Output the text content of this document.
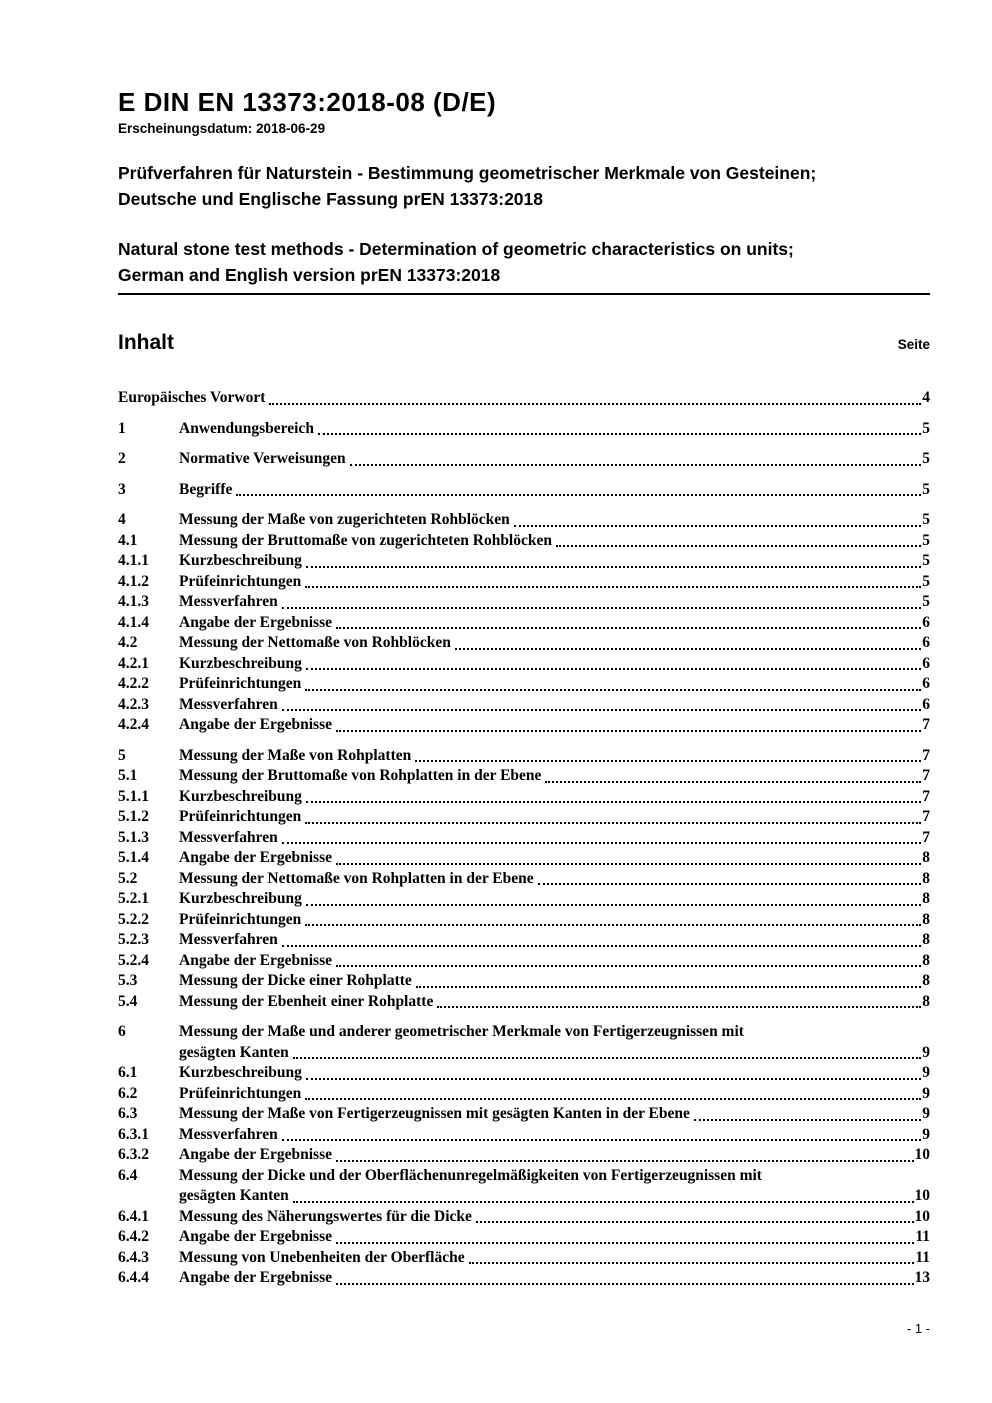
E DIN EN 13373:2018-08 (D/E)
Erscheinungsdatum: 2018-06-29
Prüfverfahren für Naturstein - Bestimmung geometrischer Merkmale von Gesteinen;
Deutsche und Englische Fassung prEN 13373:2018
Natural stone test methods - Determination of geometric characteristics on units;
German and English version prEN 13373:2018
Inhalt	Seite
Europäisches Vorwort	4
1	Anwendungsbereich	5
2	Normative Verweisungen	5
3	Begriffe	5
4	Messung der Maße von zugerichteten Rohblöcken	5
4.1	Messung der Bruttomaße von zugerichteten Rohblöcken	5
4.1.1	Kurzbeschreibung	5
4.1.2	Prüfeinrichtungen	5
4.1.3	Messverfahren	5
4.1.4	Angabe der Ergebnisse	6
4.2	Messung der Nettomaße von Rohblöcken	6
4.2.1	Kurzbeschreibung	6
4.2.2	Prüfeinrichtungen	6
4.2.3	Messverfahren	6
4.2.4	Angabe der Ergebnisse	7
5	Messung der Maße von Rohplatten	7
5.1	Messung der Bruttomaße von Rohplatten in der Ebene	7
5.1.1	Kurzbeschreibung	7
5.1.2	Prüfeinrichtungen	7
5.1.3	Messverfahren	7
5.1.4	Angabe der Ergebnisse	8
5.2	Messung der Nettomaße von Rohplatten in der Ebene	8
5.2.1	Kurzbeschreibung	8
5.2.2	Prüfeinrichtungen	8
5.2.3	Messverfahren	8
5.2.4	Angabe der Ergebnisse	8
5.3	Messung der Dicke einer Rohplatte	8
5.4	Messung der Ebenheit einer Rohplatte	8
6	Messung der Maße und anderer geometrischer Merkmale von Fertigerzeugnissen mit
gesägten Kanten	9
6.1	Kurzbeschreibung	9
6.2	Prüfeinrichtungen	9
6.3	Messung der Maße von Fertigerzeugnissen mit gesägten Kanten in der Ebene	9
6.3.1	Messverfahren	9
6.3.2	Angabe der Ergebnisse	10
6.4	Messung der Dicke und der Oberflächenunregelmäßigkeiten von Fertigerzeugnissen mit
gesägten Kanten	10
6.4.1	Messung des Näherungswertes für die Dicke	10
6.4.2	Angabe der Ergebnisse	11
6.4.3	Messung von Unebenheiten der Oberfläche	11
6.4.4	Angabe der Ergebnisse	13
- 1 -
